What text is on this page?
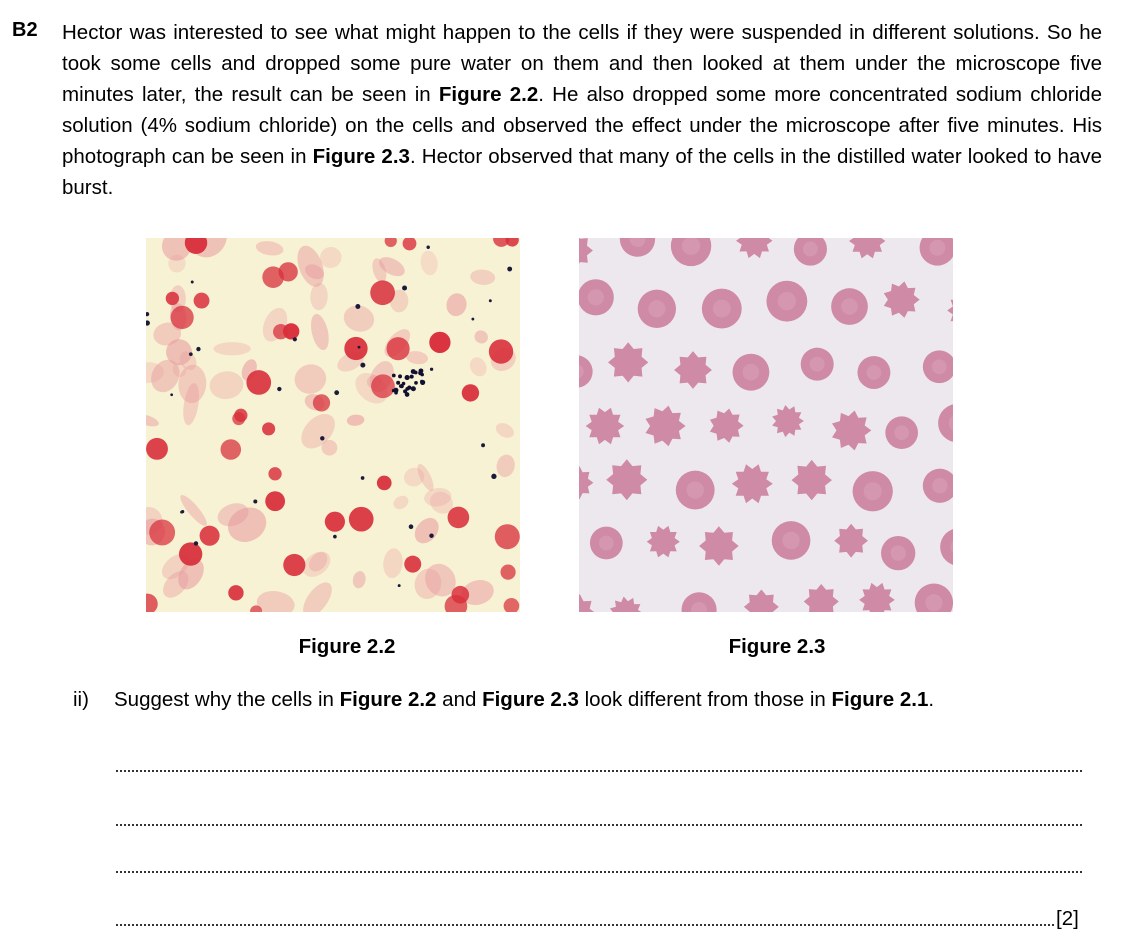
B2 Hector was interested to see what might happen to the cells if they were suspended in different solutions. So he took some cells and dropped some pure water on them and then looked at them under the microscope five minutes later, the result can be seen in Figure 2.2. He also dropped some more concentrated sodium chloride solution (4% sodium chloride) on the cells and observed the effect under the microscope after five minutes. His photograph can be seen in Figure 2.3. Hector observed that many of the cells in the distilled water looked to have burst.

Figure 2.2	Figure 2.3

ii) Suggest why the cells in Figure 2.2 and Figure 2.3 look different from those in Figure 2.1.

[2]
